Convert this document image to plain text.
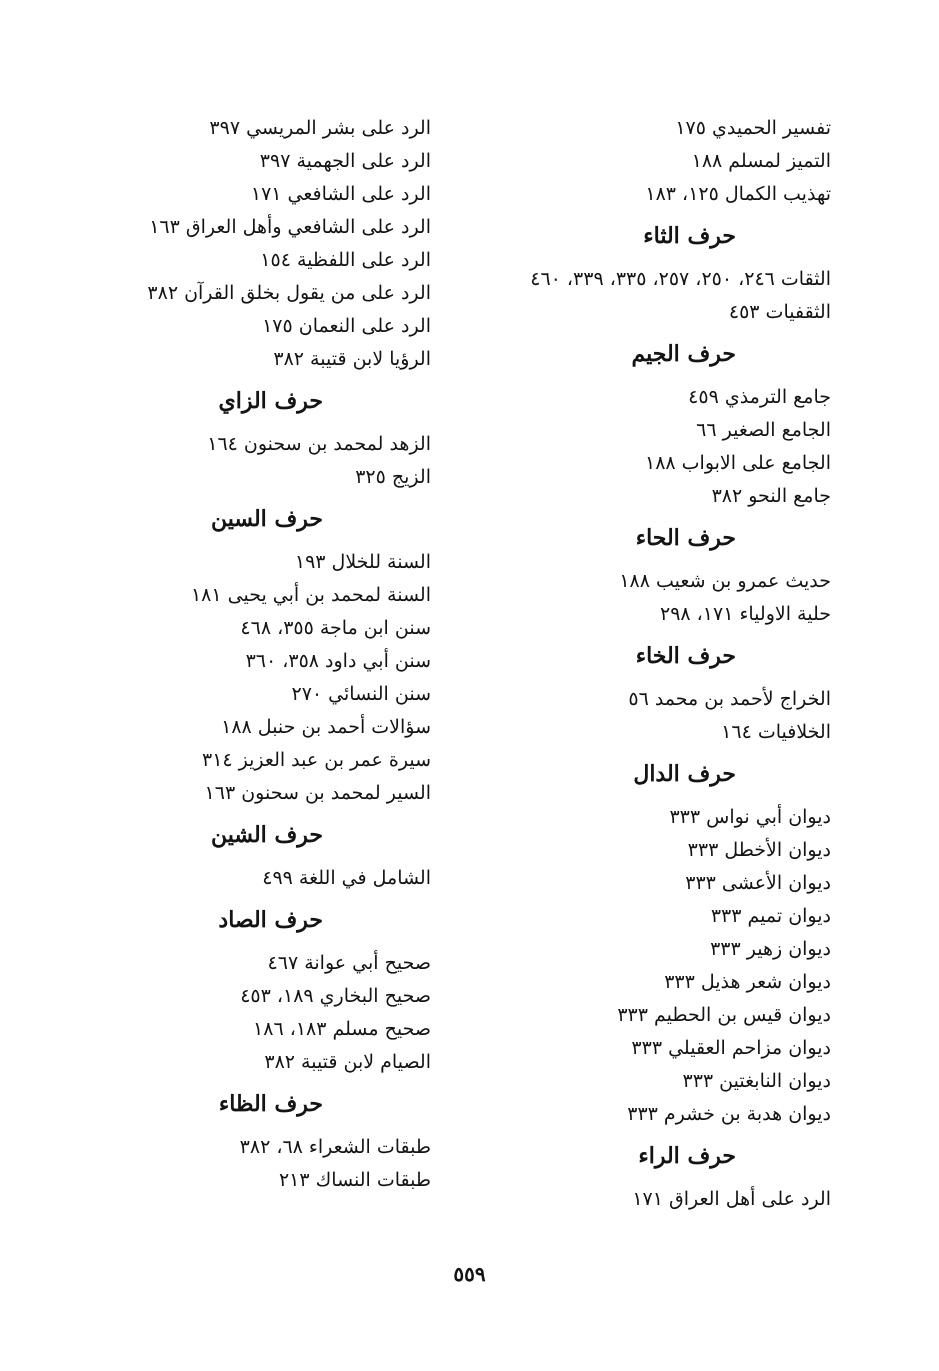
تفسير الحميدي ١٧٥
التميز لمسلم ١٨٨
تهذيب الكمال ١٢٥، ١٨٣
حرف الثاء
الثقات ٢٤٦، ٢٥٠، ٢٥٧، ٣٣٥، ٣٣٩، ٤٦٠
الثقفيات ٤٥٣
حرف الجيم
جامع الترمذي ٤٥٩
الجامع الصغير ٦٦
الجامع على الابواب ١٨٨
جامع النحو ٣٨٢
حرف الحاء
حديث عمرو بن شعيب ١٨٨
حلية الاولياء ١٧١، ٢٩٨
حرف الخاء
الخراج لأحمد بن محمد ٥٦
الخلافيات ١٦٤
حرف الدال
ديوان أبي نواس ٣٣٣
ديوان الأخطل ٣٣٣
ديوان الأعشى ٣٣٣
ديوان تميم ٣٣٣
ديوان زهير ٣٣٣
ديوان شعر هذيل ٣٣٣
ديوان قيس بن الحطيم ٣٣٣
ديوان مزاحم العقيلي ٣٣٣
ديوان النابغتين ٣٣٣
ديوان هدبة بن خشرم ٣٣٣
حرف الراء
الرد على أهل العراق ١٧١
الرد على بشر المريسي ٣٩٧
الرد على الجهمية ٣٩٧
الرد على الشافعي ١٧١
الرد على الشافعي وأهل العراق ١٦٣
الرد على اللفظية ١٥٤
الرد على من يقول بخلق القرآن ٣٨٢
الرد على النعمان ١٧٥
الرؤيا لابن قتيبة ٣٨٢
حرف الزاي
الزهد لمحمد بن سحنون ١٦٤
الزيج ٣٢٥
حرف السين
السنة للخلال ١٩٣
السنة لمحمد بن أبي يحيى ١٨١
سنن ابن ماجة ٣٥٥، ٤٦٨
سنن أبي داود ٣٥٨، ٣٦٠
سنن النسائي ٢٧٠
سؤالات أحمد بن حنبل ١٨٨
سيرة عمر بن عبد العزيز ٣١٤
السير لمحمد بن سحنون ١٦٣
حرف الشين
الشامل في اللغة ٤٩٩
حرف الصاد
صحيح أبي عوانة ٤٦٧
صحيح البخاري ١٨٩، ٤٥٣
صحيح مسلم ١٨٣، ١٨٦
الصيام لابن قتيبة ٣٨٢
حرف الظاء
طبقات الشعراء ٦٨، ٣٨٢
طبقات النساك ٢١٣
٥٥٩
